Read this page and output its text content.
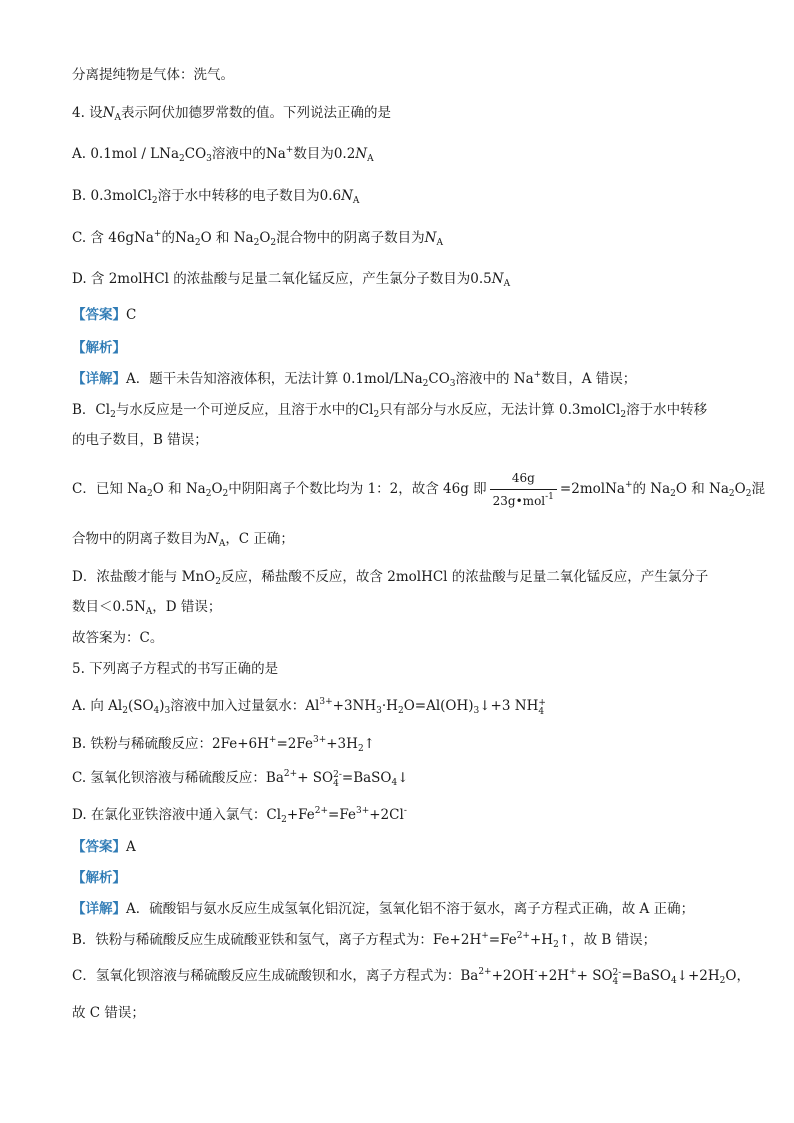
分离提纯物是气体：洗气。
4. 设$N_A$表示阿伏加德罗常数的值。下列说法正确的是
A. $0.1mol / LNa_2CO_3$溶液中的Na+数目为$0.2N_A$
B. 0.3molCl$_2$溶于水中转移的电子数目为$0.6N_A$
C. 含 46gNa+的$Na_2O$ 和 $Na_2O_2$混合物中的阴离子数目为$N_A$
D. 含 2molHCl 的浓盐酸与足量二氧化锰反应，产生氯分子数目为$0.5N_A$
【答案】C
【解析】
【详解】A．题干未告知溶液体积，无法计算 $0.1mol/LNa_2CO_3$溶液中的 Na+数目，A 错误；
B．$Cl_2$与水反应是一个可逆反应，且溶于水中的$Cl_2$只有部分与水反应，无法计算 0.3molCl$_2$溶于水中转移
的电子数目，B 错误；
C．已知 $Na_2O$ 和 $Na_2O_2$中阴阳离子个数比均为 1：2，故含 46g 即 $\frac{46g}{23g•mol^{-1}}$ =2molNa+的 $Na_2O$ 和 $Na_2O_2$混
合物中的阴离子数目为$N_A$，C 正确；
D．浓盐酸才能与 MnO$_2$反应，稀盐酸不反应，故含 2molHCl 的浓盐酸与足量二氧化锰反应，产生氯分子
数目$<0.5N_A$，D 错误；
故答案为：C。
5. 下列离子方程式的书写正确的是
A. 向 $Al_2(SO_4)_3$溶液中加入过量氨水：$Al^{3+}+3NH_3\cdot H_2O=Al(OH)_3↓+3$ NH +
4
B. 铁粉与稀硫酸反应：$2Fe+6H^+=2Fe^{3+}+3H_2↑$
C. 氢氧化钡溶液与稀硫酸反应：$Ba^{2+}+$ SO 2-
4 =BaSO$_4$↓
D. 在氯化亚铁溶液中通入氯气：$Cl_2+Fe^{2+}=Fe^{3+}+2Cl^-$
【答案】A
【解析】
【详解】A．硫酸铝与氨水反应生成氢氧化铝沉淀，氢氧化铝不溶于氨水，离子方程式正确，故 A 正确；
B．铁粉与稀硫酸反应生成硫酸亚铁和氢气，离子方程式为：$Fe+2H^+=Fe^{2+}+H_2↑$，故 B 错误；
C．氢氧化钡溶液与稀硫酸反应生成硫酸钡和水，离子方程式为：$Ba^{2+}+2OH^-+2H^++$ SO 2-
$4 =BaSO_4↓+2H_2O$，
故 C 错误；
